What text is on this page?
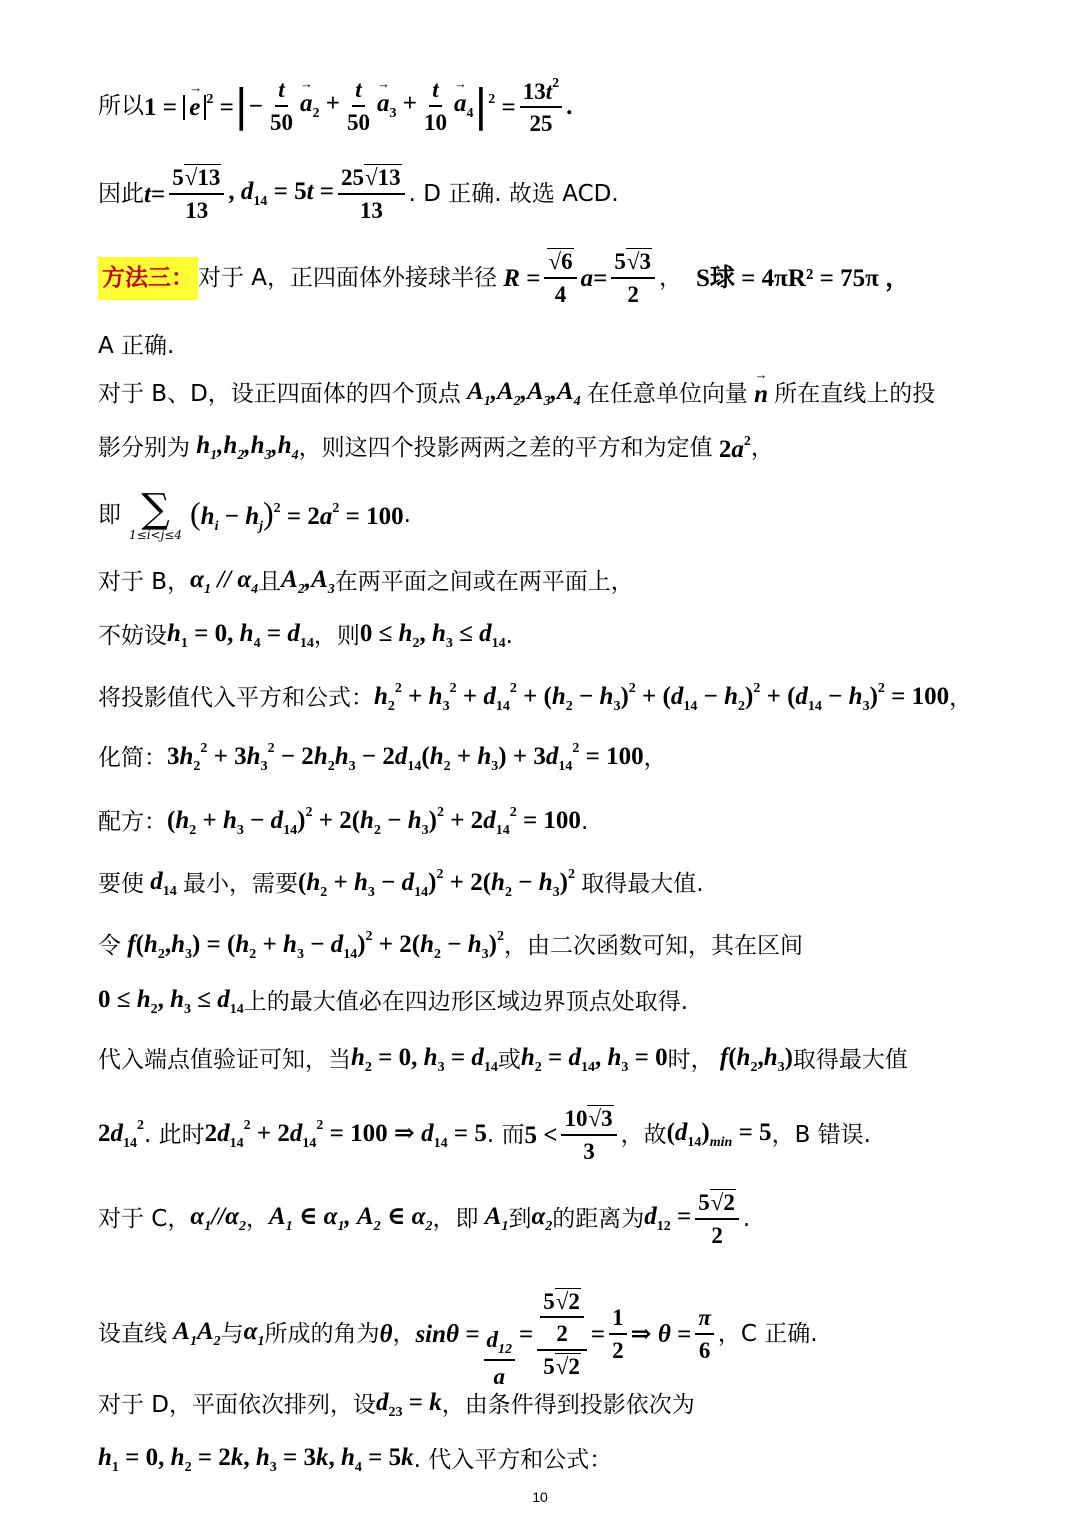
所以 1 = e → $^2$ = | − $\frac{t}{50}$ $a \to_2 + \frac{t}{50}$ $a \to_3 + \frac{t}{10}$ $a \to_4$ | $^2 = \frac{13t^2}{25}$ .
因此 $t = \frac{5√13}{13}$ , $d_{14} = 5t = \frac{25√13}{13}$ . D 正确. 故选 ACD.
方法三： 对于 A，正四面体外接球半径 $R = \frac{√6}{4}$ $a = \frac{5√3}{2}$ ， S球 = 4πR² = 75π ，
A 正确.
对于 B、D，设正四面体的四个顶点 $A_1,A_2,A_3,A_4$ 在任意单位向量 n → 所在直线上的投
影分别为 $h_1,h_2,h_3,h_4$ ，则这四个投影两两之差的平方和为定值 $2a^2$ ，
即 ∑
1≤i<j≤4
$(h_i - h_j)^2 = 2a^2 = 100$ .
对于 B， $\alpha_1 // \alpha_4$ 且 $A_2,A_3$ 在两平面之间或在两平面上，
不妨设 $h_1 = 0$, $h_4 = d_{14}$ ，则 $0 \le h_2$, $h_3 \le d_{14}$ .
将投影值代入平方和公式： $h_2^2 + h_3^2 + d_{14}^2 + (h_2 - h_3)^2 + (d_{14} - h_2)^2 + (d_{14} - h_3)^2 = 100$ ，
化简： $3h_2^2 + 3h_3^2 - 2h_2h_3 - 2d_{14}(h_2 + h_3) + 3d_{14}^2 = 100$ ，
配方： $(h_2 + h_3 - d_{14})^2 + 2(h_2 - h_3)^2 + 2d_{14}^2 = 100$ .
要使 $d_{14}$ 最小，需要 $(h_2 + h_3 - d_{14})^2 + 2(h_2 - h_3)^2$ 取得最大值.
令 $f(h_2,h_3) = (h_2 + h_3 - d_{14})^2 + 2(h_2 - h_3)^2$ ，由二次函数可知，其在区间
$0 \le h_2$, $h_3 \le d_{14}$ 上的最大值必在四边形区域边界顶点处取得.
代入端点值验证可知，当 $h_2 = 0$, $h_3 = d_{14}$ 或 $h_2 = d_{14}$, $h_3 = 0$ 时， $f(h_2,h_3)$ 取得最大值
$2d_{14}^2$ . 此时 $2d_{14}^2 + 2d_{14}^2 = 100$ ⇒ $d_{14} = 5$ . 而 $5 < \frac{10√3}{3}$ ，故 $(d_{14})_{min} = 5$ ，B 错误.
对于 C， $\alpha_1//\alpha_2$ ， $A_1$ ∈ $\alpha_1$, $A_2$ ∈ $\alpha_2$ ，即 $A_1$ 到 $\alpha_2$ 的距离为 $d_{12} = \frac{5√2}{2}$ .
设直线 $A_1A_2$ 与 $\alpha_1$ 所成的角为 θ ， $\sin\theta = \frac{d_{12}}{a} = \frac{\frac{5√2}{2}}{5√2} = \frac{1}{2}$ ⇒ $\theta = \frac{\pi}{6}$ ，C 正确.
对于 D，平面依次排列，设 $d_{23} = k$ ，由条件得到投影依次为
$h_1 = 0$, $h_2 = 2k$, $h_3 = 3k$, $h_4 = 5k$ . 代入平方和公式：
10
